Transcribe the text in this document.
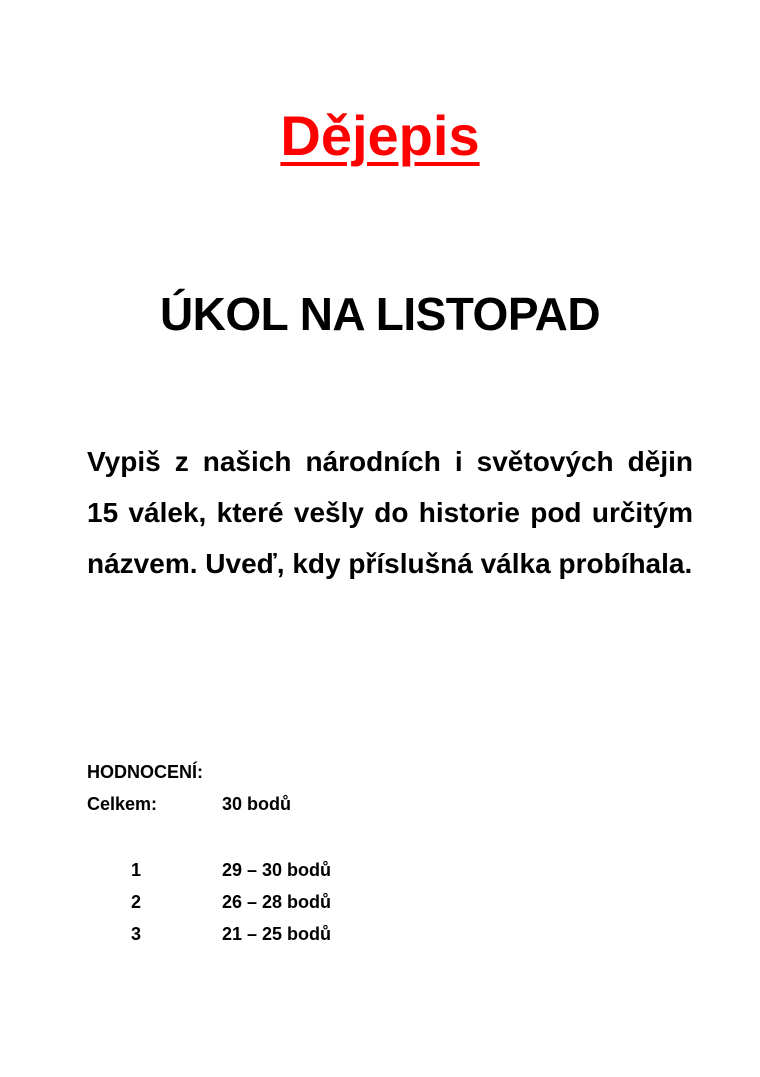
Dějepis
ÚKOL NA LISTOPAD
Vypiš z našich národních i světových dějin 15 válek, které vešly do historie pod určitým názvem. Uveď, kdy příslušná válka probíhala.
HODNOCENÍ:
Celkem:	30 bodů
1	29 – 30 bodů
2	26 – 28 bodů
3	21 – 25 bodů
